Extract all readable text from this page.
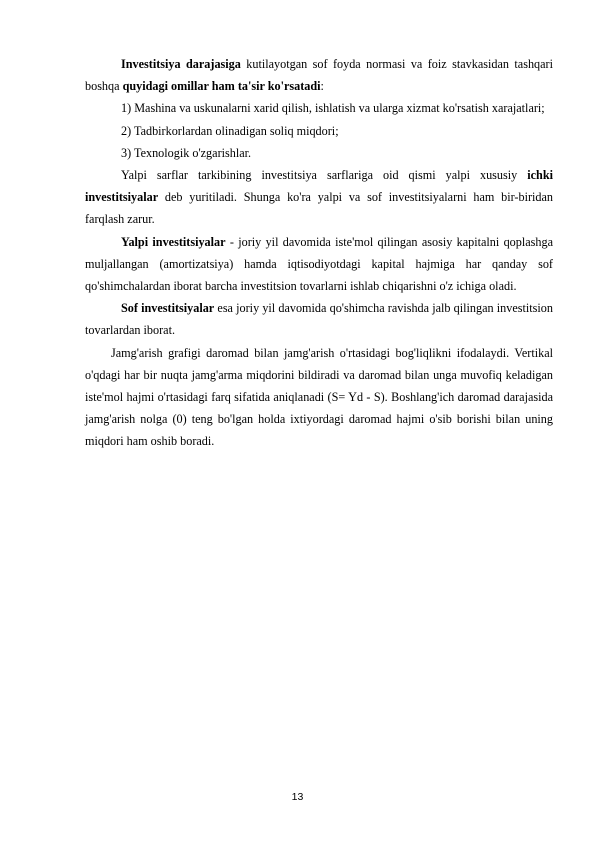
Investitsiya darajasiga kutilayotgan sof foyda normasi va foiz stavkasidan tashqari boshqa quyidagi omillar ham ta'sir ko'rsatadi:

1) Mashina va uskunalarni xarid qilish, ishlatish va ularga xizmat ko'rsatish xarajatlari;

2) Tadbirkorlardan olinadigan soliq miqdori;

3) Texnologik o'zgarishlar.

Yalpi sarflar tarkibining investitsiya sarflariga oid qismi yalpi xususiy ichki investitsiyalar deb yuritiladi. Shunga ko'ra yalpi va sof investitsiyalarni ham bir-biridan farqlash zarur.

Yalpi investitsiyalar - joriy yil davomida iste'mol qilingan asosiy kapitalni qoplashga muljallangan (amortizatsiya) hamda iqtisodiyotdagi kapital hajmiga har qanday sof qo'shimchalardan iborat barcha investitsion tovarlarni ishlab chiqarishni o'z ichiga oladi.

Sof investitsiyalar esa joriy yil davomida qo'shimcha ravishda jalb qilingan investitsion tovarlardan iborat.

Jamg'arish grafigi daromad bilan jamg'arish o'rtasidagi bog'liqlikni ifodalaydi. Vertikal o'qdagi har bir nuqta jamg'arma miqdorini bildiradi va daromad bilan unga muvofiq keladigan iste'mol hajmi o'rtasidagi farq sifatida aniqlanadi (S= Yd - S). Boshlang'ich daromad darajasida jamg'arish nolga (0) teng bo'lgan holda ixtiyordagi daromad hajmi o'sib borishi bilan uning miqdori ham oshib boradi.

13
